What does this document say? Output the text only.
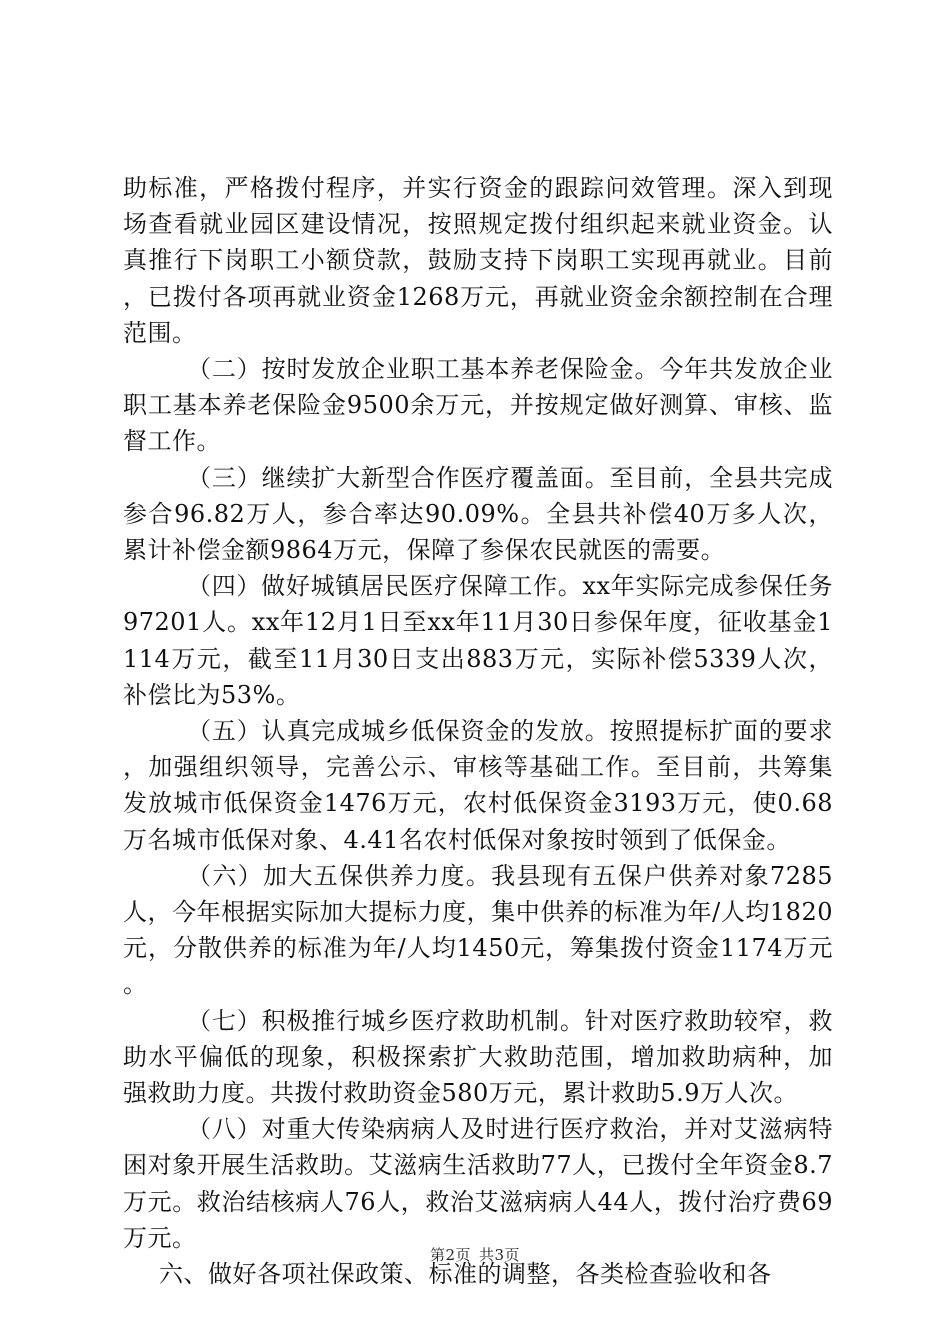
助标准，严格拨付程序，并实行资金的跟踪问效管理。深入到现场查看就业园区建设情况，按照规定拨付组织起来就业资金。认真推行下岗职工小额贷款，鼓励支持下岗职工实现再就业。目前，已拨付各项再就业资金1268万元，再就业资金余额控制在合理范围。

（二）按时发放企业职工基本养老保险金。今年共发放企业职工基本养老保险金9500余万元，并按规定做好测算、审核、监督工作。

（三）继续扩大新型合作医疗覆盖面。至目前，全县共完成参合96.82万人，参合率达90.09%。全县共补偿40万多人次，累计补偿金额9864万元，保障了参保农民就医的需要。

（四）做好城镇居民医疗保障工作。xx年实际完成参保任务97201人。xx年12月1日至xx年11月30日参保年度，征收基金1114万元，截至11月30日支出883万元，实际补偿5339人次，补偿比为53%。

（五）认真完成城乡低保资金的发放。按照提标扩面的要求，加强组织领导，完善公示、审核等基础工作。至目前，共筹集发放城市低保资金1476万元，农村低保资金3193万元，使0.68万名城市低保对象、4.41名农村低保对象按时领到了低保金。

（六）加大五保供养力度。我县现有五保户供养对象7285人，今年根据实际加大提标力度，集中供养的标准为年/人均1820元，分散供养的标准为年/人均1450元，筹集拨付资金1174万元。

（七）积极推行城乡医疗救助机制。针对医疗救助较窄，救助水平偏低的现象，积极探索扩大救助范围，增加救助病种，加强救助力度。共拨付救助资金580万元，累计救助5.9万人次。

（八）对重大传染病病人及时进行医疗救治，并对艾滋病特困对象开展生活救助。艾滋病生活救助77人，已拨付全年资金8.7万元。救治结核病人76人，救治艾滋病病人44人，拨付治疗费69万元。

六、做好各项社保政策、标准的调整，各类检查验收和各

第2页 共3页
